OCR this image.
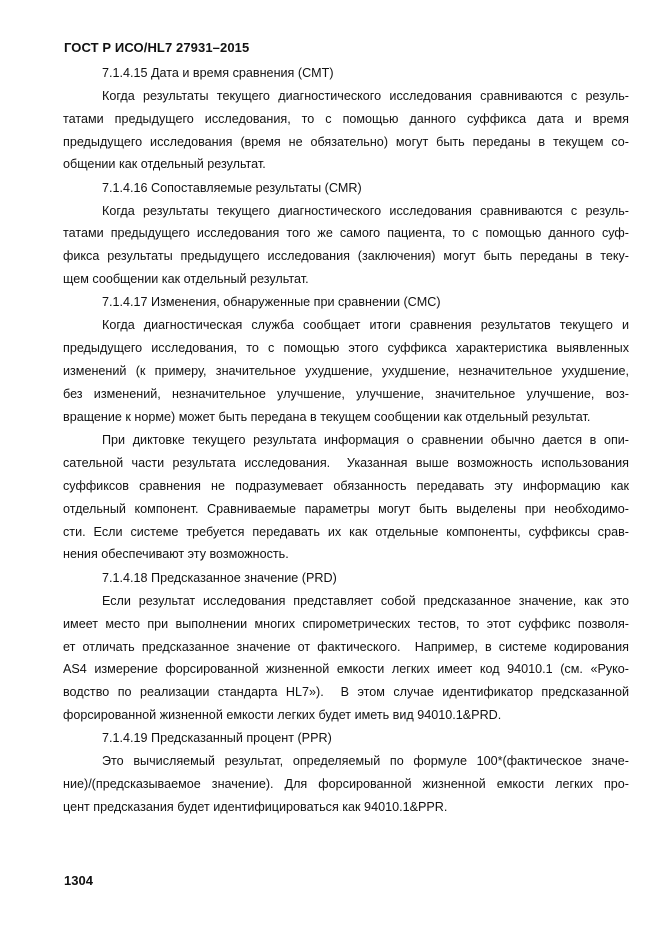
ГОСТ Р ИСО/HL7 27931–2015
7.1.4.15 Дата и время сравнения (CMT)
Когда результаты текущего диагностического исследования сравниваются с резуль-
татами предыдущего исследования, то с помощью данного суффикса дата и время
предыдущего исследования (время не обязательно) могут быть переданы в текущем со-
общении как отдельный результат.
7.1.4.16 Сопоставляемые результаты (CMR)
Когда результаты текущего диагностического исследования сравниваются с резуль-
татами предыдущего исследования того же самого пациента, то с помощью данного суф-
фикса результаты предыдущего исследования (заключения) могут быть переданы в теку-
щем сообщении как отдельный результат.
7.1.4.17 Изменения, обнаруженные при сравнении (CMC)
Когда диагностическая служба сообщает итоги сравнения результатов текущего и
предыдущего исследования, то с помощью этого суффикса характеристика выявленных
изменений (к примеру, значительное ухудшение, ухудшение, незначительное ухудшение,
без изменений, незначительное улучшение, улучшение, значительное улучшение, воз-
вращение к норме) может быть передана в текущем сообщении как отдельный результат.
При диктовке текущего результата информация о сравнении обычно дается в опи-
сательной части результата исследования.  Указанная выше возможность использования
суффиксов сравнения не подразумевает обязанность передавать эту информацию как
отдельный компонент. Сравниваемые параметры могут быть выделены при необходимо-
сти. Если системе требуется передавать их как отдельные компоненты, суффиксы срав-
нения обеспечивают эту возможность.
7.1.4.18 Предсказанное значение (PRD)
Если результат исследования представляет собой предсказанное значение, как это
имеет место при выполнении многих спирометрических тестов, то этот суффикс позволя-
ет отличать предсказанное значение от фактического.  Например, в системе кодирования
AS4 измерение форсированной жизненной емкости легких имеет код 94010.1 (см. «Руко-
водство по реализации стандарта HL7»).  В этом случае идентификатор предсказанной
форсированной жизненной емкости легких будет иметь вид 94010.1&PRD.
7.1.4.19 Предсказанный процент (PPR)
Это вычисляемый результат, определяемый по формуле 100*(фактическое значе-
ние)/(предсказываемое значение). Для форсированной жизненной емкости легких про-
цент предсказания будет идентифицироваться как 94010.1&PPR.
1304
